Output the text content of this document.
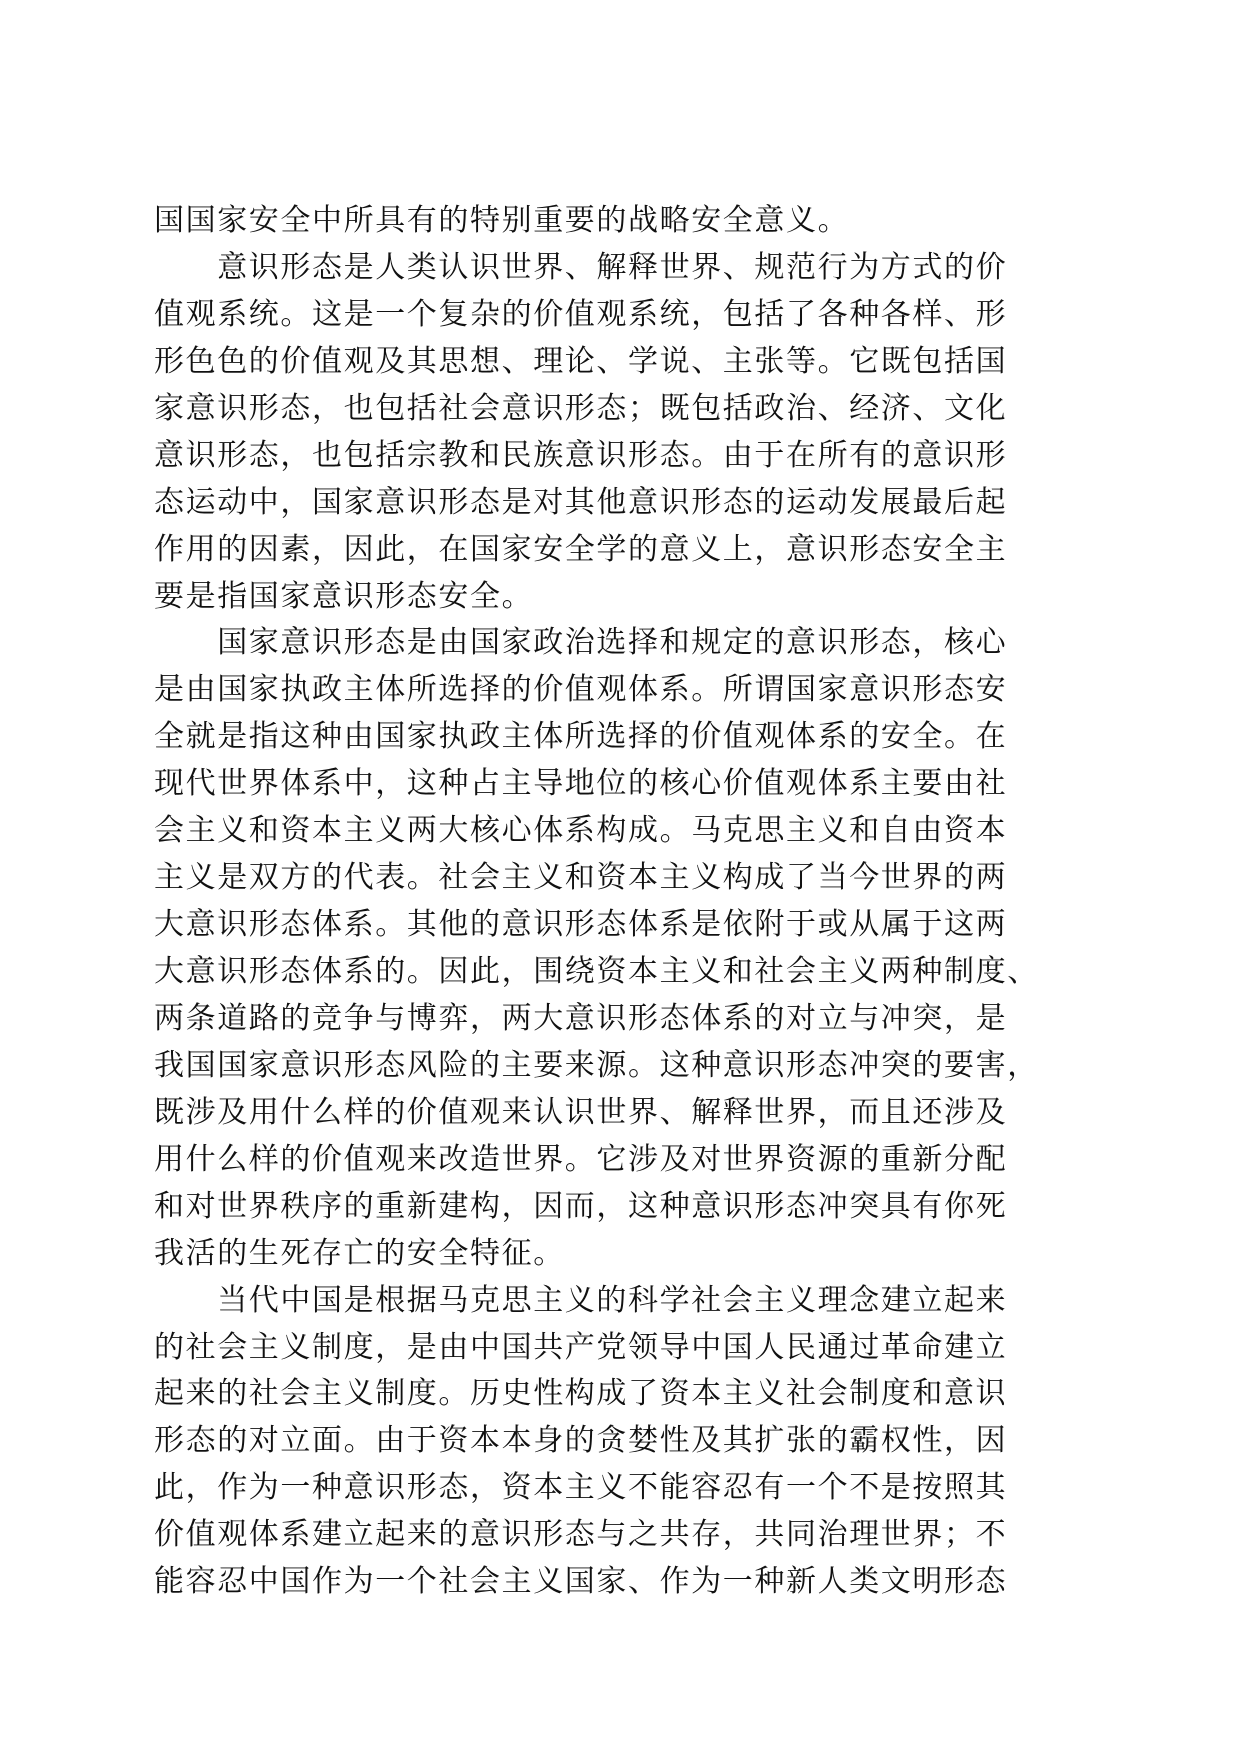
国国家安全中所具有的特别重要的战略安全意义。
　　意识形态是人类认识世界、解释世界、规范行为方式的价
值观系统。这是一个复杂的价值观系统，包括了各种各样、形
形色色的价值观及其思想、理论、学说、主张等。它既包括国
家意识形态，也包括社会意识形态；既包括政治、经济、文化
意识形态，也包括宗教和民族意识形态。由于在所有的意识形
态运动中，国家意识形态是对其他意识形态的运动发展最后起
作用的因素，因此，在国家安全学的意义上，意识形态安全主
要是指国家意识形态安全。
　　国家意识形态是由国家政治选择和规定的意识形态，核心
是由国家执政主体所选择的价值观体系。所谓国家意识形态安
全就是指这种由国家执政主体所选择的价值观体系的安全。在
现代世界体系中，这种占主导地位的核心价值观体系主要由社
会主义和资本主义两大核心体系构成。马克思主义和自由资本
主义是双方的代表。社会主义和资本主义构成了当今世界的两
大意识形态体系。其他的意识形态体系是依附于或从属于这两
大意识形态体系的。因此，围绕资本主义和社会主义两种制度、
两条道路的竞争与博弈，两大意识形态体系的对立与冲突，是
我国国家意识形态风险的主要来源。这种意识形态冲突的要害，
既涉及用什么样的价值观来认识世界、解释世界，而且还涉及
用什么样的价值观来改造世界。它涉及对世界资源的重新分配
和对世界秩序的重新建构，因而，这种意识形态冲突具有你死
我活的生死存亡的安全特征。
　　当代中国是根据马克思主义的科学社会主义理念建立起来
的社会主义制度，是由中国共产党领导中国人民通过革命建立
起来的社会主义制度。历史性构成了资本主义社会制度和意识
形态的对立面。由于资本本身的贪婪性及其扩张的霸权性，因
此，作为一种意识形态，资本主义不能容忍有一个不是按照其
价值观体系建立起来的意识形态与之共存，共同治理世界；不
能容忍中国作为一个社会主义国家、作为一种新人类文明形态
